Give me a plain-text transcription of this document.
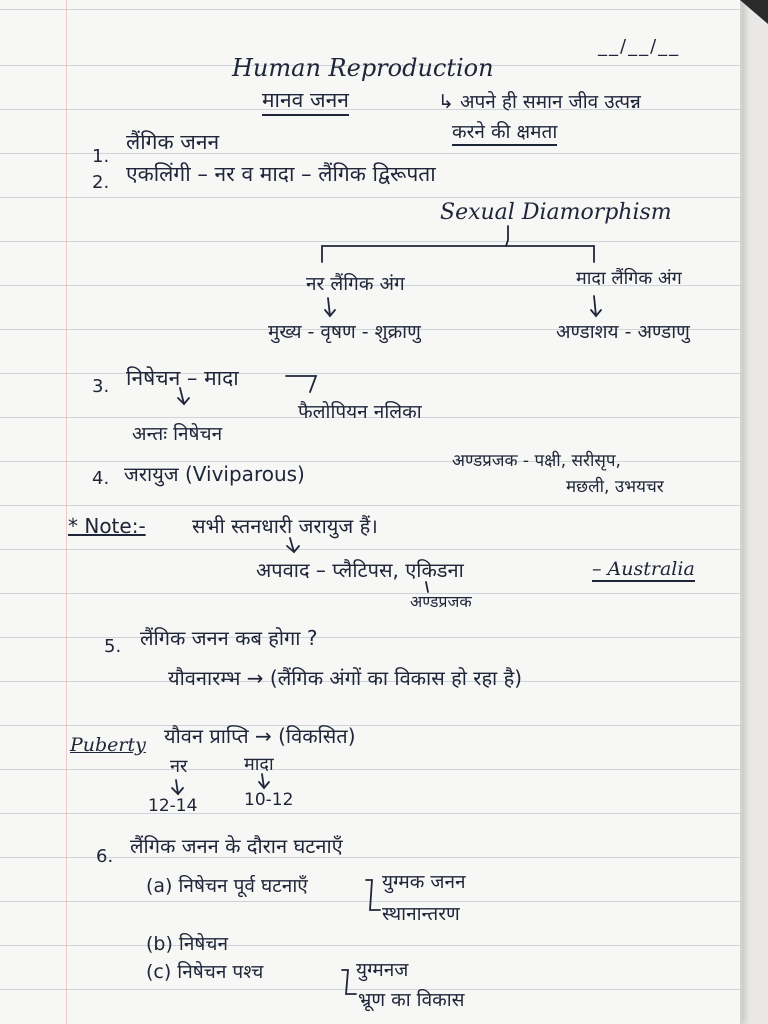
__/__/__
Human Reproduction
मानव जनन	↳ अपने ही समान जीव उत्पन्न
करने की क्षमता
1.
लैंगिक जनन
2. एकलिंगी – नर व मादा – लैंगिक द्विरूपता
Sexual Diamorphism
नर लैंगिक अंग	मादा लैंगिक अंग
मुख्य - वृषण - शुक्राणु	अण्डाशय - अण्डाणु
3. निषेचन – मादा
फैलोपियन नलिका
अन्तः निषेचन
4. जरायुज (Viviparous)
अण्डप्रजक - पक्षी, सरीसृप,
मछली, उभयचर
* Note:- सभी स्तनधारी जरायुज हैं।
अपवाद – प्लैटिपस, एकिडना	– Australia
अण्डप्रजक
5. लैंगिक जनन कब होगा ?
यौवनारम्भ → (लैंगिक अंगों का विकास हो रहा है)
Puberty यौवन प्राप्ति → (विकसित)
नर	मादा
12-14	10-12
6. लैंगिक जनन के दौरान घटनाएँ
(a) निषेचन पूर्व घटनाएँ	युग्मक जनन
स्थानान्तरण
(b) निषेचन
(c) निषेचन पश्च	युग्मनज
भ्रूण का विकास
